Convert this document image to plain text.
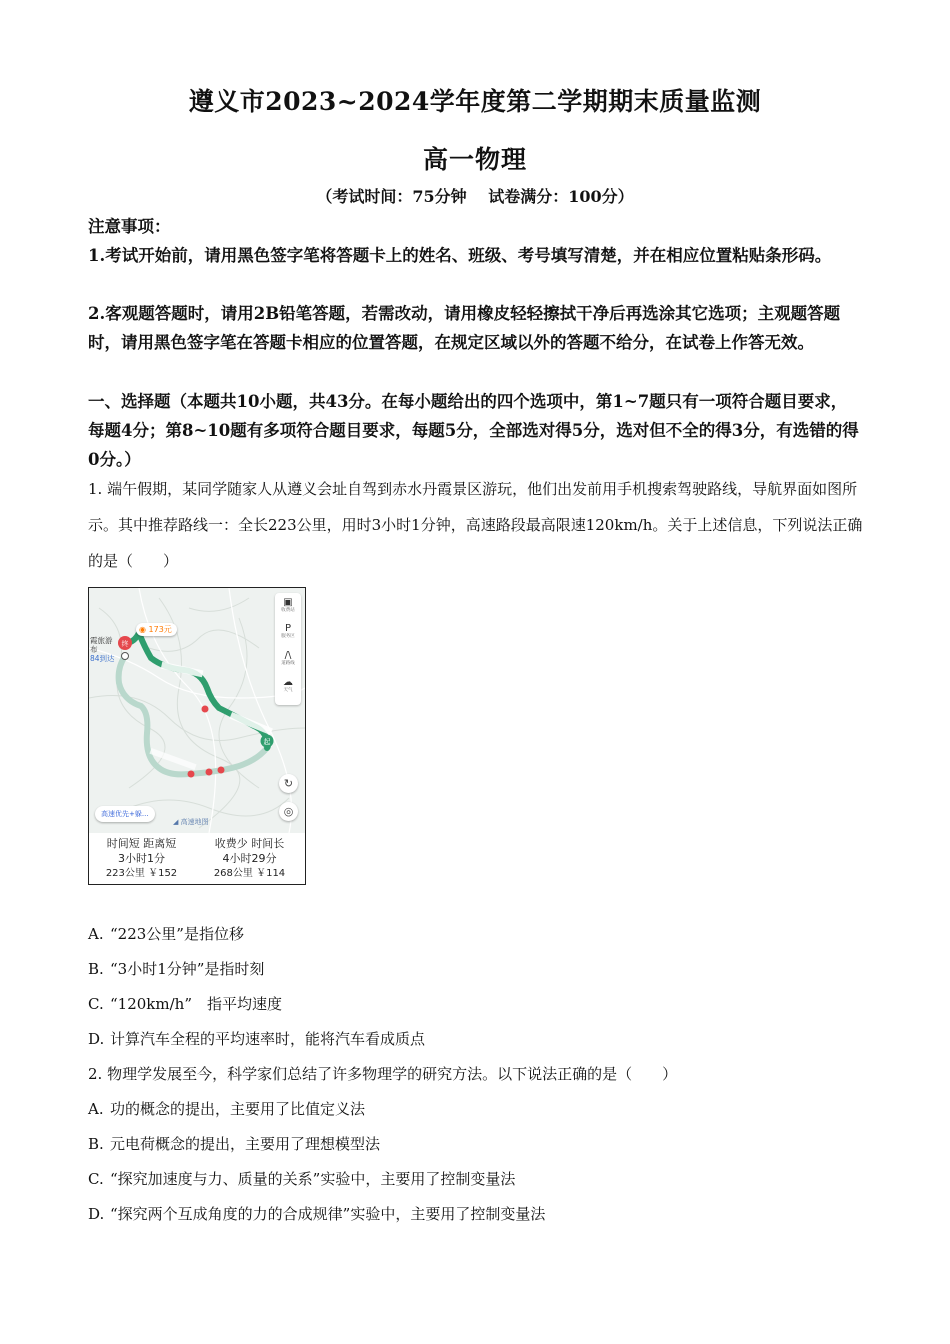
遵义市2023~2024学年度第二学期期末质量监测
高一物理
（考试时间：75分钟 试卷满分：100分）
注意事项：
1.考试开始前，请用黑色签字笔将答题卡上的姓名、班级、考号填写清楚，并在相应位置粘贴条形码。
2.客观题答题时，请用2B铅笔答题，若需改动，请用橡皮轻轻擦拭干净后再选涂其它选项；主观题答题时，请用黑色签字笔在答题卡相应的位置答题，在规定区域以外的答题不给分，在试卷上作答无效。
一、选择题（本题共10小题，共43分。在每小题给出的四个选项中，第1~7题只有一项符合题目要求，每题4分；第8~10题有多项符合题目要求，每题5分，全部选对得5分，选对但不全的得3分，有选错的得0分。）
1. 端午假期，某同学随家人从遵义会址自驾到赤水丹霞景区游玩，他们出发前用手机搜索驾驶路线，导航界面如图所示。其中推荐路线一：全长223公里，用时3小时1分钟，高速路段最高限速120km/h。关于上述信息，下列说法正确的是（　　）
终
起
霞旅游
布
84到达
◉ 173元
▣
收费站
P
服务区
/\
道路线
☁
天气
↻
◎
高速优先+躲...
◢ 高速地图
时间短 距离短
3小时1分
223公里 ￥152
收费少 时间长
4小时29分
268公里 ￥114
A. “223公里”是指位移
B. “3小时1分钟”是指时刻
C. “120km/h”　指平均速度
D. 计算汽车全程的平均速率时，能将汽车看成质点
2. 物理学发展至今，科学家们总结了许多物理学的研究方法。以下说法正确的是（　　）
A. 功的概念的提出，主要用了比值定义法
B. 元电荷概念的提出，主要用了理想模型法
C. “探究加速度与力、质量的关系”实验中，主要用了控制变量法
D. “探究两个互成角度的力的合成规律”实验中，主要用了控制变量法
